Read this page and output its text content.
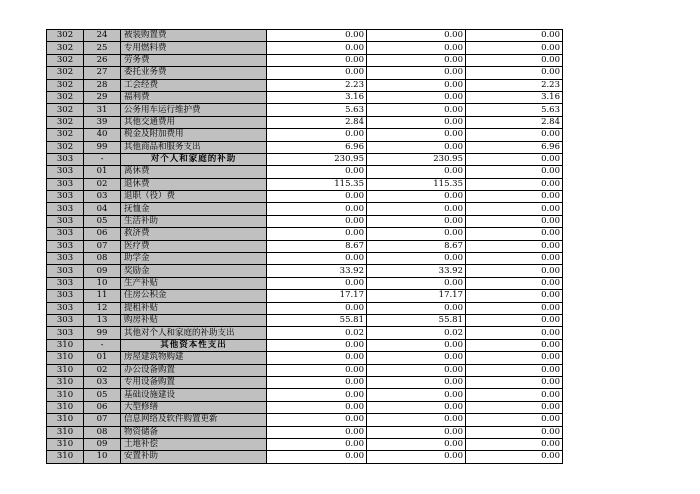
302	24	被装购置费	0.00	0.00	0.00
302	25	专用燃料费	0.00	0.00	0.00
302	26	劳务费	0.00	0.00	0.00
302	27	委托业务费	0.00	0.00	0.00
302	28	工会经费	2.23	0.00	2.23
302	29	福利费	3.16	0.00	3.16
302	31	公务用车运行维护费	5.63	0.00	5.63
302	39	其他交通费用	2.84	0.00	2.84
302	40	税金及附加费用	0.00	0.00	0.00
302	99	其他商品和服务支出	6.96	0.00	6.96
303	-	对个人和家庭的补助	230.95	230.95	0.00
303	01	离休费	0.00	0.00	0.00
303	02	退休费	115.35	115.35	0.00
303	03	退职（役）费	0.00	0.00	0.00
303	04	抚恤金	0.00	0.00	0.00
303	05	生活补助	0.00	0.00	0.00
303	06	救济费	0.00	0.00	0.00
303	07	医疗费	8.67	8.67	0.00
303	08	助学金	0.00	0.00	0.00
303	09	奖励金	33.92	33.92	0.00
303	10	生产补贴	0.00	0.00	0.00
303	11	住房公积金	17.17	17.17	0.00
303	12	提租补贴	0.00	0.00	0.00
303	13	购房补贴	55.81	55.81	0.00
303	99	其他对个人和家庭的补助支出	0.02	0.02	0.00
310	-	其他资本性支出	0.00	0.00	0.00
310	01	房屋建筑物购建	0.00	0.00	0.00
310	02	办公设备购置	0.00	0.00	0.00
310	03	专用设备购置	0.00	0.00	0.00
310	05	基础设施建设	0.00	0.00	0.00
310	06	大型修缮	0.00	0.00	0.00
310	07	信息网络及软件购置更新	0.00	0.00	0.00
310	08	物资储备	0.00	0.00	0.00
310	09	土地补偿	0.00	0.00	0.00
310	10	安置补助	0.00	0.00	0.00
